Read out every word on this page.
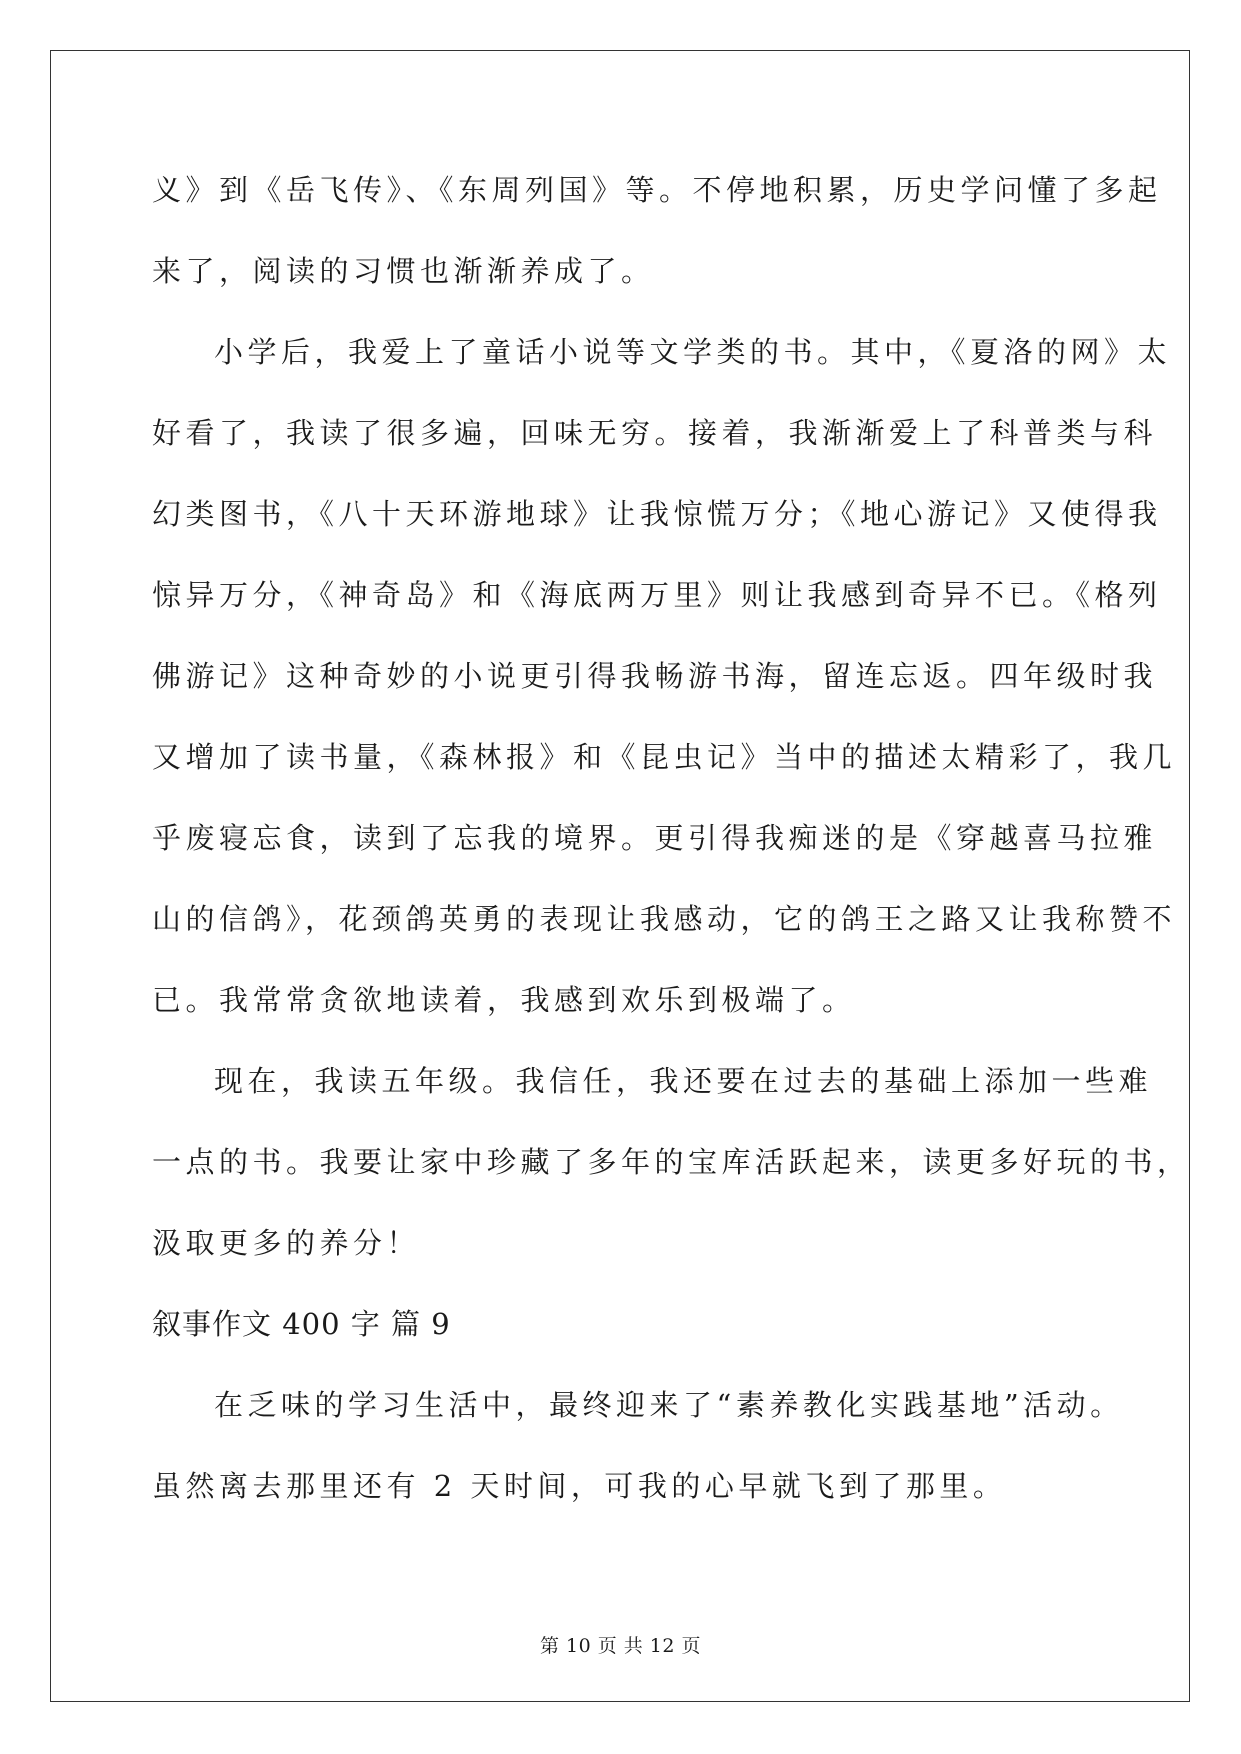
义》到《岳飞传》、《东周列国》等。不停地积累，历史学问懂了多起
来了，阅读的习惯也渐渐养成了。
小学后，我爱上了童话小说等文学类的书。其中，《夏洛的网》太
好看了，我读了很多遍，回味无穷。接着，我渐渐爱上了科普类与科
幻类图书，《八十天环游地球》让我惊慌万分；《地心游记》又使得我
惊异万分，《神奇岛》和《海底两万里》则让我感到奇异不已。《格列
佛游记》这种奇妙的小说更引得我畅游书海，留连忘返。四年级时我
又增加了读书量，《森林报》和《昆虫记》当中的描述太精彩了，我几
乎废寝忘食，读到了忘我的境界。更引得我痴迷的是《穿越喜马拉雅
山的信鸽》，花颈鸽英勇的表现让我感动，它的鸽王之路又让我称赞不
已。我常常贪欲地读着，我感到欢乐到极端了。
现在，我读五年级。我信任，我还要在过去的基础上添加一些难
一点的书。我要让家中珍藏了多年的宝库活跃起来，读更多好玩的书，
汲取更多的养分！
叙事作文 400 字 篇 9
在乏味的学习生活中，最终迎来了“素养教化实践基地”活动。
虽然离去那里还有 2 天时间，可我的心早就飞到了那里。
第 10 页 共 12 页
